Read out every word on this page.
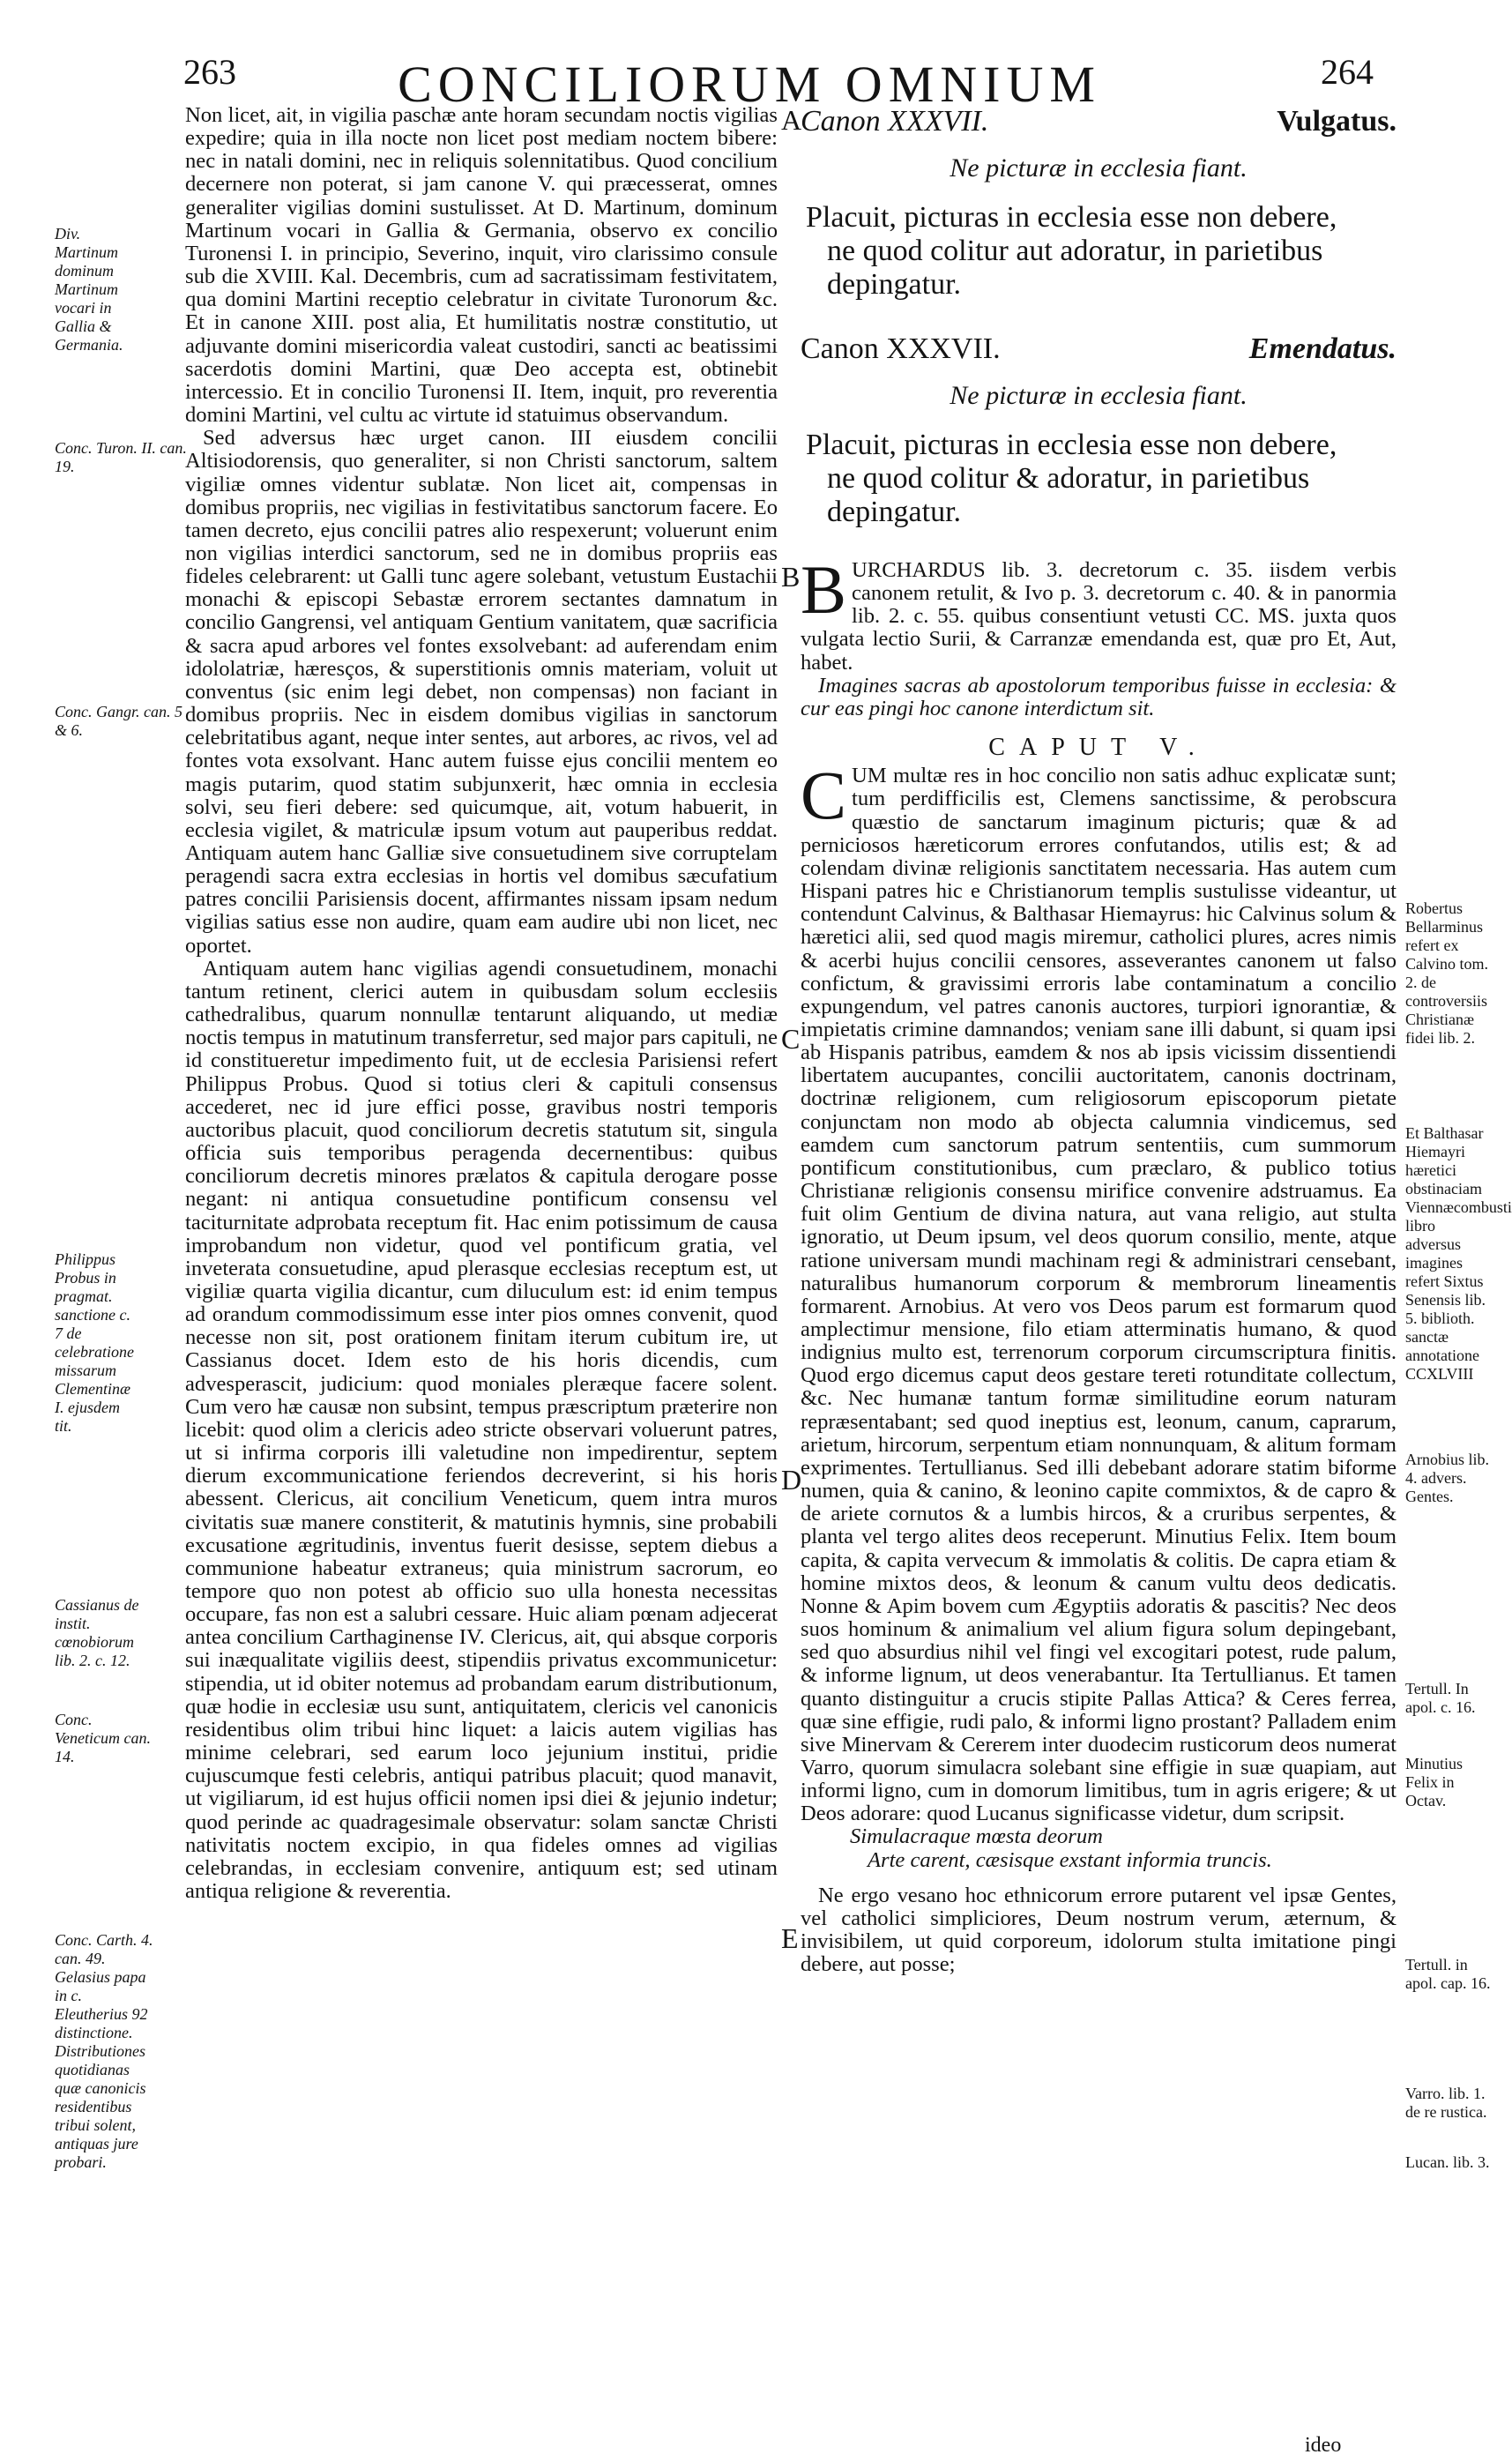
263	CONCILIORUM OMNIUM	264
Div. Martinum dominum Martinum vocari in Gallia & Germania.
Conc. Turon. II. can. 19.
Conc. Gangr. can. 5 & 6.
Philippus Probus in pragmat. sanctione c. 7 de celebratione missarum Clementinæ I. ejusdem tit.
Cassianus de instit. cœnobiorum lib. 2. c. 12.
Conc. Veneticum can. 14.
Conc. Carth. 4. can. 49. Gelasius papa in c. Eleutherius 92 distinctione. Distributiones quotidianas quæ canonicis residentibus tribui solent, antiquas jure probari.
A
B
C
D
E

Non licet, ait, in vigilia paschæ ante horam secundam noctis vigilias expedire; quia in illa nocte non licet post mediam noctem bibere: nec in natali domini, nec in reliquis solennitatibus. Quod concilium decernere non poterat, si jam canone V. qui præcesserat, omnes generaliter vigilias domini sustulisset. At D. Martinum, dominum Martinum vocari in Gallia & Germania, observo ex concilio Turonensi I. in principio, Severino, inquit, viro clarissimo consule sub die XVIII. Kal. Decembris, cum ad sacratissimam festivitatem, qua domini Martini receptio celebratur in civitate Turonorum &c. Et in canone XIII. post alia, Et humilitatis nostræ constitutio, ut adjuvante domini misericordia valeat custodiri, sancti ac beatissimi sacerdotis domini Martini, quæ Deo accepta est, obtinebit intercessio. Et in concilio Turonensi II. Item, inquit, pro reverentia domini Martini, vel cultu ac virtute id statuimus observandum.

Sed adversus hæc urget canon. III eiusdem concilii Altisiodorensis, quo generaliter, si non Christi sanctorum, saltem vigiliæ omnes videntur sublatæ. Non licet ait, compensas in domibus propriis, nec vigilias in festivitatibus sanctorum facere. Eo tamen decreto, ejus concilii patres alio respexerunt; voluerunt enim non vigilias interdici sanctorum, sed ne in domibus propriis eas fideles celebrarent: ut Galli tunc agere solebant, vetustum Eustachii monachi & episcopi Sebastæ errorem sectantes damnatum in concilio Gangrensi, vel antiquam Gentium vanitatem, quæ sacrificia & sacra apud arbores vel fontes exsolvebant: ad auferendam enim idololatriæ, hæresços, & superstitionis omnis materiam, voluit ut conventus (sic enim legi debet, non compensas) non faciant in domibus propriis. Nec in eisdem domibus vigilias in sanctorum celebritatibus agant, neque inter sentes, aut arbores, ac rivos, vel ad fontes vota exsolvant. Hanc autem fuisse ejus concilii mentem eo magis putarim, quod statim subjunxerit, hæc omnia in ecclesia solvi, seu fieri debere: sed quicumque, ait, votum habuerit, in ecclesia vigilet, & matriculæ ipsum votum aut pauperibus reddat. Antiquam autem hanc Galliæ sive consuetudinem sive corruptelam peragendi sacra extra ecclesias in hortis vel domibus sæcufatium patres concilii Parisiensis docent, affirmantes nissam ipsam nedum vigilias satius esse non audire, quam eam audire ubi non licet, nec oportet.

Antiquam autem hanc vigilias agendi consuetudinem, monachi tantum retinent, clerici autem in quibusdam solum ecclesiis cathedralibus, quarum nonnullæ tentarunt aliquando, ut mediæ noctis tempus in matutinum transferretur, sed major pars capituli, ne id constitueretur impedimento fuit, ut de ecclesia Parisiensi refert Philippus Probus. Quod si totius cleri & capituli consensus accederet, nec id jure effici posse, gravibus nostri temporis auctoribus placuit, quod conciliorum decretis statutum sit, singula officia suis temporibus peragenda decernentibus: quibus conciliorum decretis minores prælatos & capitula derogare posse negant: ni antiqua consuetudine pontificum consensu vel taciturnitate adprobata receptum fit. Hac enim potissimum de causa improbandum non videtur, quod vel pontificum gratia, vel inveterata consuetudine, apud plerasque ecclesias receptum est, ut vigiliæ quarta vigilia dicantur, cum diluculum est: id enim tempus ad orandum commodissimum esse inter pios omnes convenit, quod necesse non sit, post orationem finitam iterum cubitum ire, ut Cassianus docet. Idem esto de his horis dicendis, cum advesperascit, judicium: quod moniales pleræque facere solent. Cum vero hæ causæ non subsint, tempus præscriptum præterire non licebit: quod olim a clericis adeo stricte observari voluerunt patres, ut si infirma corporis illi valetudine non impedirentur, septem dierum excommunicatione feriendos decreverint, si his horis abessent. Clericus, ait concilium Veneticum, quem intra muros civitatis suæ manere constiterit, & matutinis hymnis, sine probabili excusatione ægritudinis, inventus fuerit desisse, septem diebus a communione habeatur extraneus; quia ministrum sacrorum, eo tempore quo non potest ab officio suo ulla honesta necessitas occupare, fas non est a salubri cessare. Huic aliam pœnam adjecerat antea concilium Carthaginense IV. Clericus, ait, qui absque corporis sui inæqualitate vigiliis deest, stipendiis privatus excommunicetur: stipendia, ut id obiter notemus ad probandam earum distributionum, quæ hodie in ecclesiæ usu sunt, antiquitatem, clericis vel canonicis residentibus olim tribui hinc liquet: a laicis autem vigilias has minime celebrari, sed earum loco jejunium institui, pridie cujuscumque festi celebris, antiqui patribus placuit; quod manavit, ut vigiliarum, id est hujus officii nomen ipsi diei & jejunio indetur; quod perinde ac quadragesimale observatur: solam sanctæ Christi nativitatis noctem excipio, in qua fideles omnes ad vigilias celebrandas, in ecclesiam convenire, antiquum est; sed utinam antiqua religione & reverentia.

Vulgatus.
Canon XXXVII.
Ne picturæ in ecclesia fiant.
Placuit, picturas in ecclesia esse non debere,
ne quod colitur aut adoratur, in parietibus
depingatur.
Emendatus.
Canon XXXVII.
Ne picturæ in ecclesia fiant.
Placuit, picturas in ecclesia esse non debere,
ne quod colitur & adoratur, in parietibus
depingatur.

BURCHARDUS lib. 3. decretorum c. 35. iisdem verbis canonem retulit, & Ivo p. 3. decretorum c. 40. & in panormia lib. 2. c. 55. quibus consentiunt vetusti CC. MS. juxta quos vulgata lectio Surii, & Carranzæ emendanda est, quæ pro Et, Aut, habet.

Imagines sacras ab apostolorum temporibus fuisse in ecclesia: & cur eas pingi hoc canone interdictum sit.

CAPUT V.

CUM multæ res in hoc concilio non satis adhuc explicatæ sunt; tum perdifficilis est, Clemens sanctissime, & perobscura quæstio de sanctarum imaginum picturis; quæ & ad perniciosos hæreticorum errores confutandos, utilis est; & ad colendam divinæ religionis sanctitatem necessaria. Has autem cum Hispani patres hic e Christianorum templis sustulisse videantur, ut contendunt Calvinus, & Balthasar Hiemayrus: hic Calvinus solum & hæretici alii, sed quod magis miremur, catholici plures, acres nimis & acerbi hujus concilii censores, asseverantes canonem ut falso confictum, & gravissimi erroris labe contaminatum a concilio expungendum, vel patres canonis auctores, turpiori ignorantiæ, & impietatis crimine damnandos; veniam sane illi dabunt, si quam ipsi ab Hispanis patribus, eamdem & nos ab ipsis vicissim dissentiendi libertatem aucupantes, concilii auctoritatem, canonis doctrinam, doctrinæ religionem, cum religiosorum episcoporum pietate conjunctam non modo ab objecta calumnia vindicemus, sed eamdem cum sanctorum patrum sententiis, cum summorum pontificum constitutionibus, cum præclaro, & publico totius Christianæ religionis consensu mirifice convenire adstruamus. Ea fuit olim Gentium de divina natura, aut vana religio, aut stulta ignoratio, ut Deum ipsum, vel deos quorum consilio, mente, atque ratione universam mundi machinam regi & administrari censebant, naturalibus humanorum corporum & membrorum lineamentis formarent. Arnobius. At vero vos Deos parum est formarum quod amplectimur mensione, filo etiam atterminatis humano, & quod indignius multo est, terrenorum corporum circumscriptura finitis. Quod ergo dicemus caput deos gestare tereti rotunditate collectum, &c. Nec humanæ tantum formæ similitudine eorum naturam repræsentabant; sed quod ineptius est, leonum, canum, caprarum, arietum, hircorum, serpentum etiam nonnunquam, & alitum formam exprimentes. Tertullianus. Sed illi debebant adorare statim biforme numen, quia & canino, & leonino capite commixtos, & de capro & de ariete cornutos & a lumbis hircos, & a cruribus serpentes, & planta vel tergo alites deos receperunt. Minutius Felix. Item boum capita, & capita vervecum & immolatis & colitis. De capra etiam & homine mixtos deos, & leonum & canum vultu deos dedicatis. Nonne & Apim bovem cum Ægyptiis adoratis & pascitis? Nec deos suos hominum & animalium vel alium figura solum depingebant, sed quo absurdius nihil vel fingi vel excogitari potest, rude palum, & informe lignum, ut deos venerabantur. Ita Tertullianus. Et tamen quanto distinguitur a crucis stipite Pallas Attica? & Ceres ferrea, quæ sine effigie, rudi palo, & informi ligno prostant? Palladem enim sive Minervam & Cererem inter duodecim rusticorum deos numerat Varro, quorum simulacra solebant sine effigie in suæ quapiam, aut informi ligno, cum in domorum limitibus, tum in agris erigere; & ut Deos adorare: quod Lucanus significasse videtur, dum scripsit.

Simulacraque mœsta deorum

Arte carent, cæsisque exstant informia truncis.

Ne ergo vesano hoc ethnicorum errore putarent vel ipsæ Gentes, vel catholici simpliciores, Deum nostrum verum, æternum, & invisibilem, ut quid corporeum, idolorum stulta imitatione pingi debere, aut posse;

ideo
Robertus Bellarminus refert ex Calvino tom. 2. de controversiis Christianæ fidei lib. 2.
Et Balthasar Hiemayri hæretici obstinaciam Viennæcombusti libro adversus imagines refert Sixtus Senensis lib. 5. biblioth. sanctæ annotatione CCXLVIII
Arnobius lib. 4. advers. Gentes.
Tertull. In apol. c. 16.
Minutius Felix in Octav.
Tertull. in apol. cap. 16.
Varro. lib. 1. de re rustica.
Lucan. lib. 3.
